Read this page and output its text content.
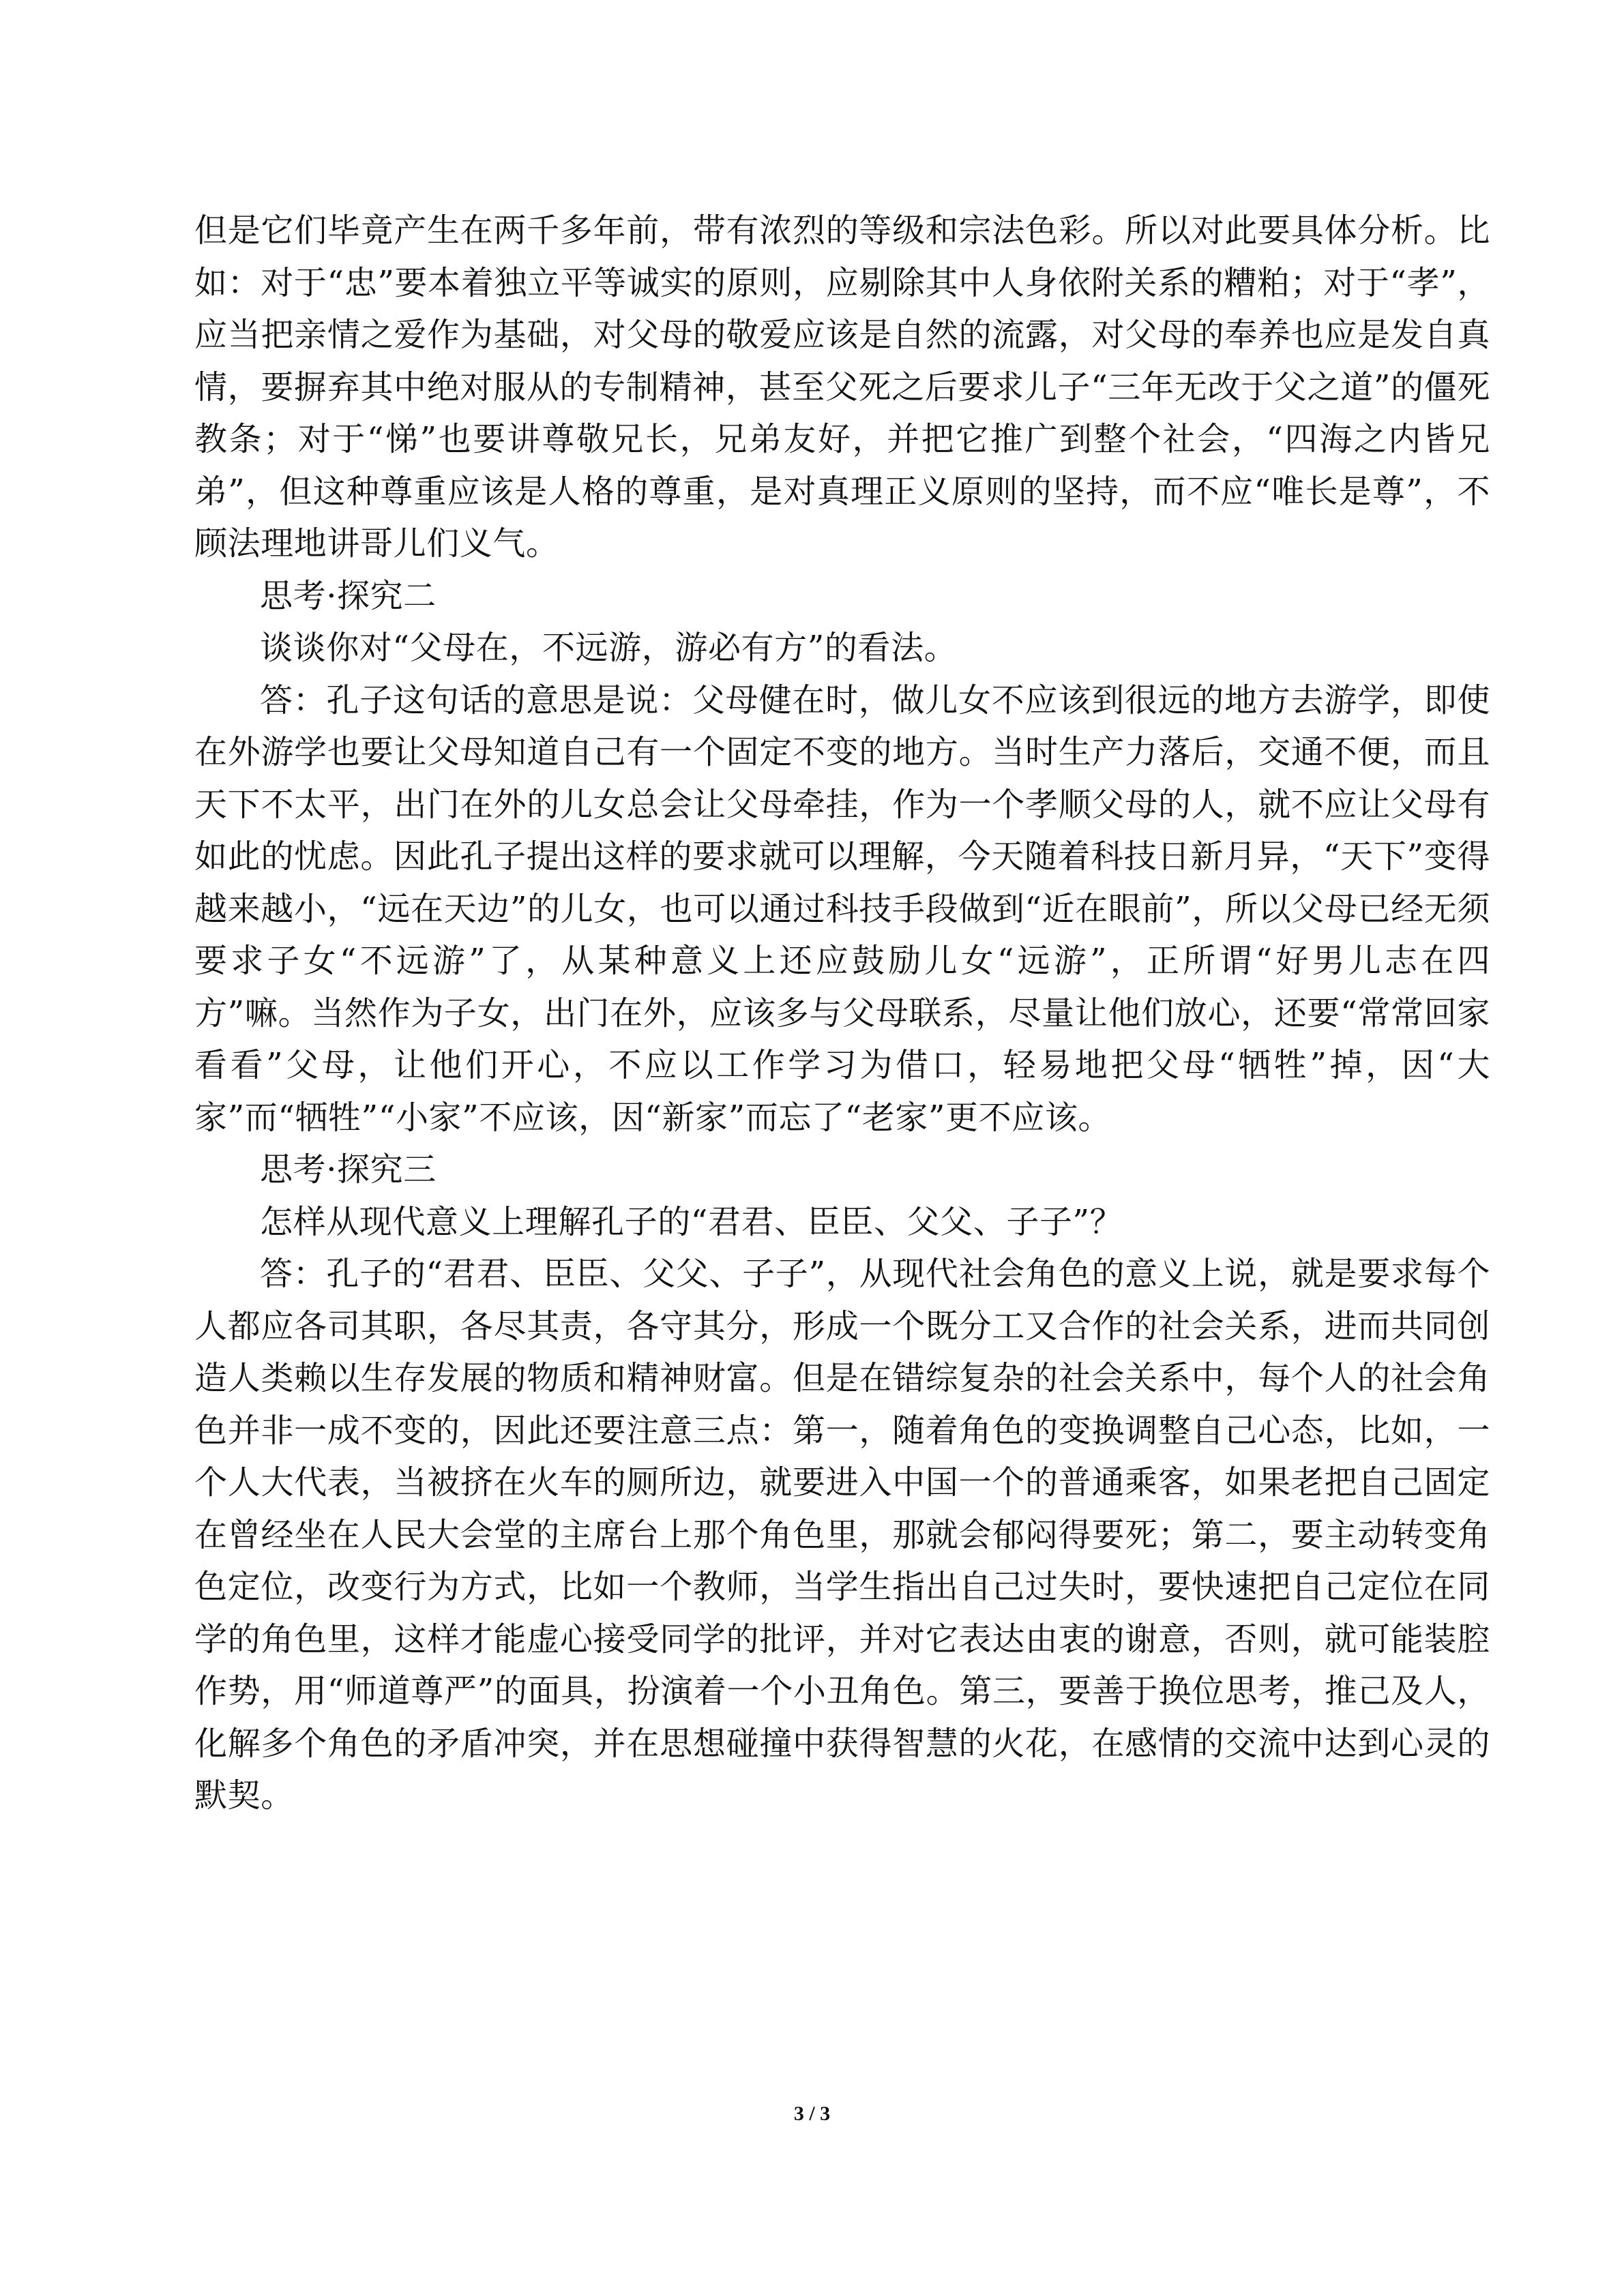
但是它们毕竟产生在两千多年前，带有浓烈的等级和宗法色彩。所以对此要具体分析。比如：对于“忠”要本着独立平等诚实的原则，应剔除其中人身依附关系的糟粕；对于“孝”，应当把亲情之爱作为基础，对父母的敬爱应该是自然的流露，对父母的奉养也应是发自真情，要摒弃其中绝对服从的专制精神，甚至父死之后要求儿子“三年无改于父之道”的僵死教条；对于“悌”也要讲尊敬兄长，兄弟友好，并把它推广到整个社会，“四海之内皆兄弟”，但这种尊重应该是人格的尊重，是对真理正义原则的坚持，而不应“唯长是尊”，不顾法理地讲哥儿们义气。

思考·探究二

谈谈你对“父母在，不远游，游必有方”的看法。

答：孔子这句话的意思是说：父母健在时，做儿女不应该到很远的地方去游学，即使在外游学也要让父母知道自己有一个固定不变的地方。当时生产力落后，交通不便，而且天下不太平，出门在外的儿女总会让父母牵挂，作为一个孝顺父母的人，就不应让父母有如此的忧虑。因此孔子提出这样的要求就可以理解，今天随着科技日新月异，“天下”变得越来越小，“远在天边”的儿女，也可以通过科技手段做到“近在眼前”，所以父母已经无须要求子女“不远游”了，从某种意义上还应鼓励儿女“远游”，正所谓“好男儿志在四方”嘛。当然作为子女，出门在外，应该多与父母联系，尽量让他们放心，还要“常常回家看看”父母，让他们开心，不应以工作学习为借口，轻易地把父母“牺牲”掉，因“大家”而“牺牲”“小家”不应该，因“新家”而忘了“老家”更不应该。

思考·探究三

怎样从现代意义上理解孔子的“君君、臣臣、父父、子子”？

答：孔子的“君君、臣臣、父父、子子”，从现代社会角色的意义上说，就是要求每个人都应各司其职，各尽其责，各守其分，形成一个既分工又合作的社会关系，进而共同创造人类赖以生存发展的物质和精神财富。但是在错综复杂的社会关系中，每个人的社会角色并非一成不变的，因此还要注意三点：第一，随着角色的变换调整自己心态，比如，一个人大代表，当被挤在火车的厕所边，就要进入中国一个的普通乘客，如果老把自己固定在曾经坐在人民大会堂的主席台上那个角色里，那就会郁闷得要死；第二，要主动转变角色定位，改变行为方式，比如一个教师，当学生指出自己过失时，要快速把自己定位在同学的角色里，这样才能虚心接受同学的批评，并对它表达由衷的谢意，否则，就可能装腔作势，用“师道尊严”的面具，扮演着一个小丑角色。第三，要善于换位思考，推己及人，化解多个角色的矛盾冲突，并在思想碰撞中获得智慧的火花，在感情的交流中达到心灵的默契。

3 / 3
